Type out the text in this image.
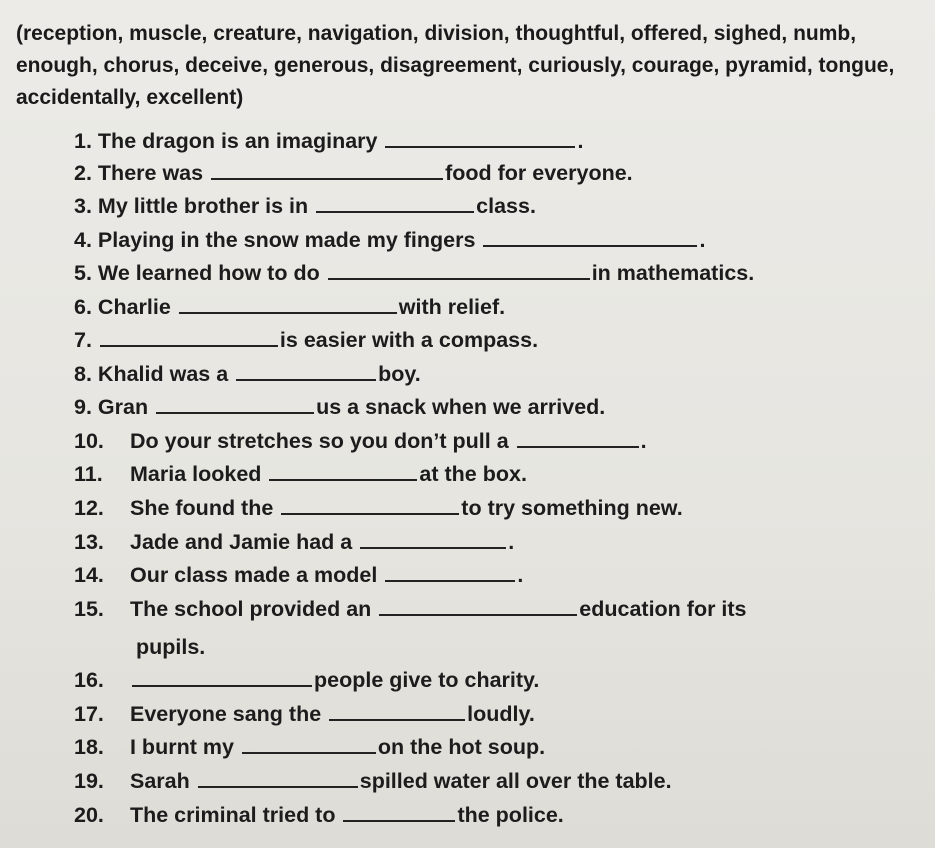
(reception, muscle, creature, navigation, division, thoughtful, offered, sighed, numb, enough, chorus, deceive, generous, disagreement, curiously, courage, pyramid, tongue, accidentally, excellent)
1. The dragon is an imaginary	.
2. There was	food for everyone.
3. My little brother is in	class.
4. Playing in the snow made my fingers	.
5. We learned how to do	in mathematics.
6. Charlie	with relief.
7.	is easier with a compass.
8. Khalid was a	boy.
9. Gran	us a snack when we arrived.
10. Do your stretches so you don’t pull a	.
11. Maria looked	at the box.
12. She found the	to try something new.
13. Jade and Jamie had a	.
14. Our class made a model	.
15. The school provided an	education for its
pupils.
16.	people give to charity.
17. Everyone sang the	loudly.
18. I burnt my	on the hot soup.
19. Sarah	spilled water all over the table.
20. The criminal tried to	the police.
